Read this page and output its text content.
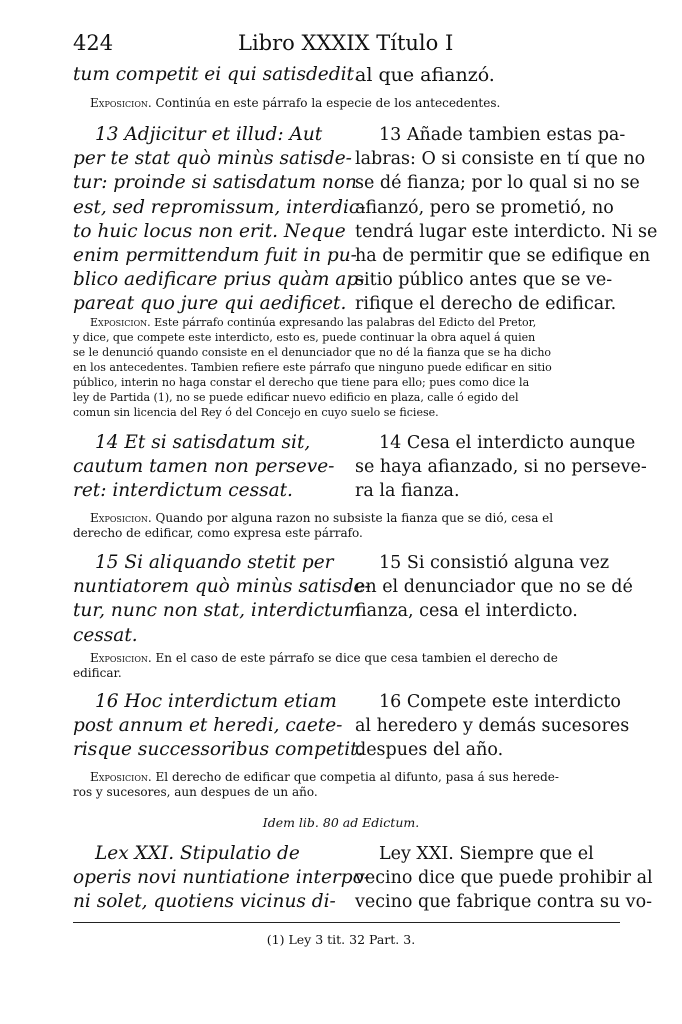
424	Libro XXXIX Título I
tum competit ei qui satisdedit.
al que afianzó.
Exposicion. Continúa en este párrafo la especie de los antecedentes.
13 Adjicitur et illud: Aut
per te stat quò minùs satisde-
tur: proinde si satisdatum non
est, sed repromissum, interdic-
to huic locus non erit. Neque
enim permittendum fuit in pu-
blico aedificare prius quàm ap-
pareat quo jure qui aedificet.
13 Añade tambien estas pa-
labras: O si consiste en tí que no
se dé fianza; por lo qual si no se
afianzó, pero se prometió, no
tendrá lugar este interdicto. Ni se
ha de permitir que se edifique en
sitio público antes que se ve-
rifique el derecho de edificar.
Exposicion. Este párrafo continúa expresando las palabras del Edicto del Pretor,
y dice, que compete este interdicto, esto es, puede continuar la obra aquel á quien
se le denunció quando consiste en el denunciador que no dé la fianza que se ha dicho
en los antecedentes. Tambien refiere este párrafo que ninguno puede edificar en sitio
público, interin no haga constar el derecho que tiene para ello; pues como dice la
ley de Partida (1), no se puede edificar nuevo edificio en plaza, calle ó egido del
comun sin licencia del Rey ó del Concejo en cuyo suelo se ficiese.
14 Et si satisdatum sit,
cautum tamen non perseve-
ret: interdictum cessat.
14 Cesa el interdicto aunque
se haya afianzado, si no perseve-
ra la fianza.
Exposicion. Quando por alguna razon no subsiste la fianza que se dió, cesa el
derecho de edificar, como expresa este párrafo.
15 Si aliquando stetit per
nuntiatorem quò minùs satisde-
tur, nunc non stat, interdictum
cessat.
15 Si consistió alguna vez
en el denunciador que no se dé
fianza, cesa el interdicto.
Exposicion. En el caso de este párrafo se dice que cesa tambien el derecho de
edificar.
16 Hoc interdictum etiam
post annum et heredi, caete-
risque successoribus competit.
16 Compete este interdicto
al heredero y demás sucesores
despues del año.
Exposicion. El derecho de edificar que competia al difunto, pasa á sus herede-
ros y sucesores, aun despues de un año.
Idem lib. 80 ad Edictum.
Lex XXI. Stipulatio de
operis novi nuntiatione interpo-
ni solet, quotiens vicinus di-
Ley XXI. Siempre que el
vecino dice que puede prohibir al
vecino que fabrique contra su vo-
(1) Ley 3 tit. 32 Part. 3.
